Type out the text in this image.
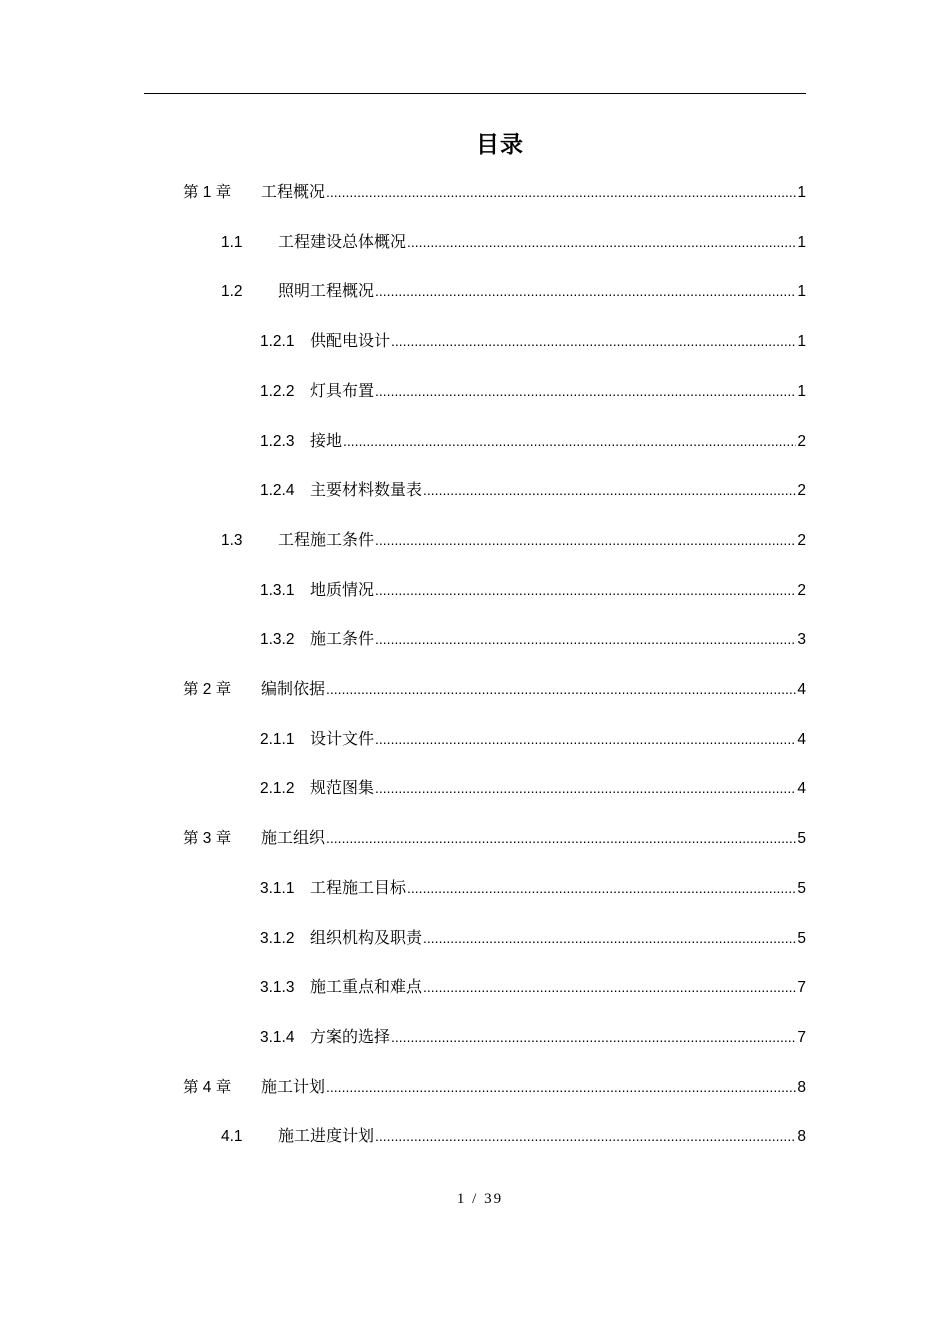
目录
第 1 章	工程概况 .....	1
1.1	工程建设总体概况 .....	1
1.2	照明工程概况 .....	1
1.2.1 供配电设计 .....	1
1.2.2 灯具布置 .....	1
1.2.3 接地 .....	2
1.2.4 主要材料数量表 .....	2
1.3	工程施工条件 .....	2
1.3.1 地质情况 .....	2
1.3.2 施工条件 .....	3
第 2 章	编制依据 .....	4
2.1.1 设计文件 .....	4
2.1.2 规范图集 .....	4
第 3 章	施工组织 .....	5
3.1.1 工程施工目标 .....	5
3.1.2 组织机构及职责 .....	5
3.1.3 施工重点和难点 .....	7
3.1.4 方案的选择 .....	7
第 4 章	施工计划 .....	8
4.1	施工进度计划 .....	8
1 / 39
